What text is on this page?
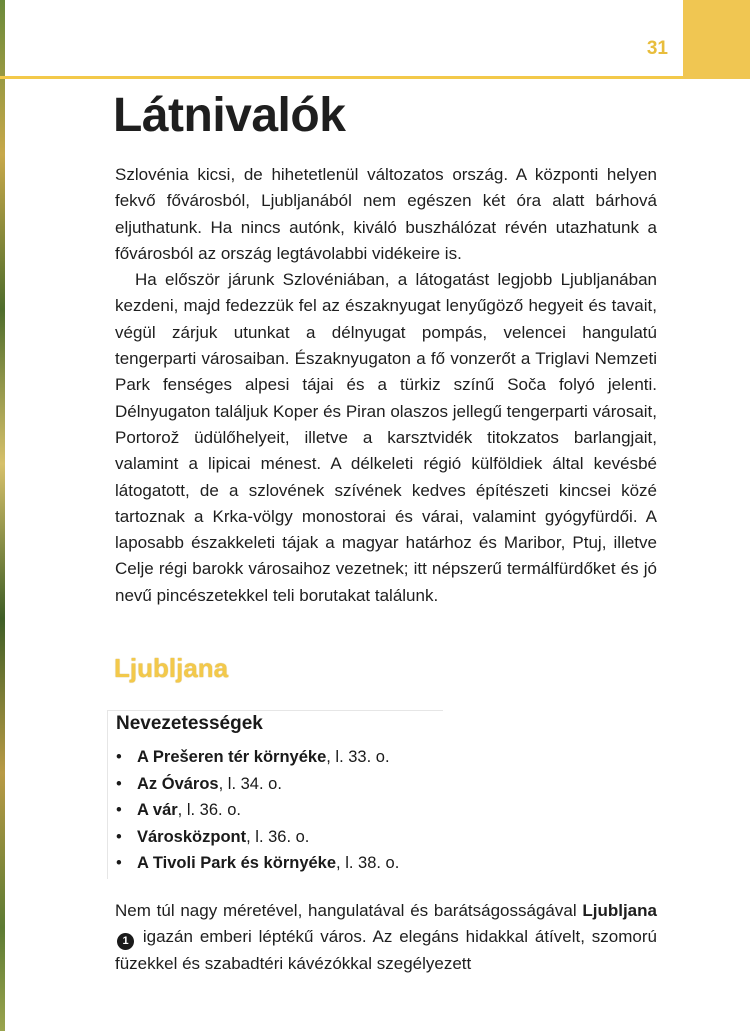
31
Látnivalók

Szlovénia kicsi, de hihetetlenül változatos ország. A központi helyen fekvő fővárosból, Ljubljanából nem egészen két óra alatt bárhová eljuthatunk. Ha nincs autónk, kiváló buszhálózat révén utazhatunk a fővárosból az ország legtávolabbi vidékeire is.

Ha először járunk Szlovéniában, a látogatást legjobb Ljubljanában kezdeni, majd fedezzük fel az északnyugat lenyűgöző hegyeit és tavait, végül zárjuk utunkat a délnyugat pompás, velencei hangulatú tengerparti városaiban. Északnyugaton a fő vonzerőt a Triglavi Nemzeti Park fenséges alpesi tájai és a türkiz színű Soča folyó jelenti. Délnyugaton találjuk Koper és Piran olaszos jellegű tengerparti városait, Portorož üdülőhelyeit, illetve a karsztvidék titokzatos barlangjait, valamint a lipicai ménest. A délkeleti régió külföldiek által kevésbé látogatott, de a szlovének szívének kedves építészeti kincsei közé tartoznak a Krka-völgy monostorai és várai, valamint gyógyfürdői. A laposabb északkeleti tájak a magyar határhoz és Maribor, Ptuj, illetve Celje régi barokk városaihoz vezetnek; itt népszerű termálfürdőket és jó nevű pincészetekkel teli borutakat találunk.

Ljubljana
Nevezetességek
• A Prešeren tér környéke, l. 33. o.
• Az Óváros, l. 34. o.
• A vár, l. 36. o.
• Városközpont, l. 36. o.
• A Tivoli Park és környéke, l. 38. o.

Nem túl nagy méretével, hangulatával és barátságosságával Ljubljana 1 igazán emberi léptékű város. Az elegáns hidakkal átívelt, szomorú füzekkel és szabadtéri kávézókkal szegélyezett
